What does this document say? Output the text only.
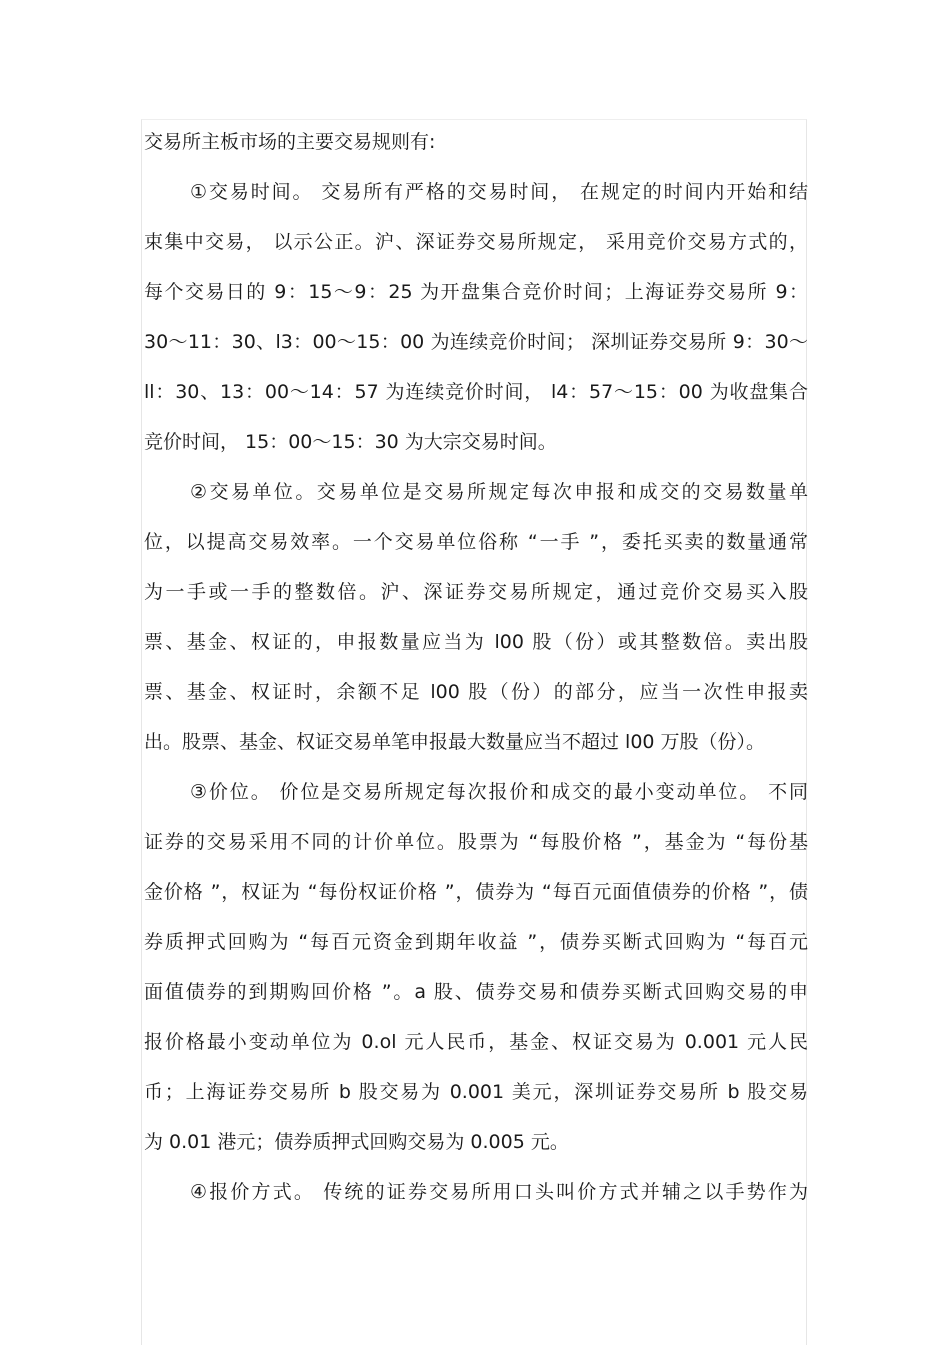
交易所主板市场的主要交易规则有:
①交易时间。 交易所有严格的交易时间， 在规定的时间内开始和结
束集中交易， 以示公正。沪、深证券交易所规定， 采用竞价交易方式的，
每个交易日的 9：15～9：25 为开盘集合竞价时间；上海证券交易所 9：
30～11：30、l3：00～15：00 为连续竞价时间； 深圳证券交易所 9：30～
ll：30、13：00～14：57 为连续竞价时间， l4：57～15：00 为收盘集合
竞价时间， 15：00～15：30 为大宗交易时间。
②交易单位。交易单位是交易所规定每次申报和成交的交易数量单
位，以提高交易效率。一个交易单位俗称 “一手 ”，委托买卖的数量通常
为一手或一手的整数倍。沪、深证券交易所规定，通过竞价交易买入股
票、基金、权证的，申报数量应当为 l00 股（份）或其整数倍。卖出股
票、基金、权证时，余额不足 l00 股（份）的部分，应当一次性申报卖
出。股票、基金、权证交易单笔申报最大数量应当不超过 l00 万股（份）。
③价位。 价位是交易所规定每次报价和成交的最小变动单位。 不同
证券的交易采用不同的计价单位。股票为 “每股价格 ”，基金为 “每份基
金价格 ”，权证为 “每份权证价格 ”，债券为 “每百元面值债券的价格 ”，债
券质押式回购为 “每百元资金到期年收益 ”，债券买断式回购为 “每百元
面值债券的到期购回价格 ”。a 股、债券交易和债券买断式回购交易的申
报价格最小变动单位为 0.ol 元人民币，基金、权证交易为 0.001 元人民
币；上海证券交易所 b 股交易为 0.001 美元，深圳证券交易所 b 股交易
为 0.01 港元；债券质押式回购交易为 0.005 元。
④报价方式。 传统的证券交易所用口头叫价方式并辅之以手势作为
